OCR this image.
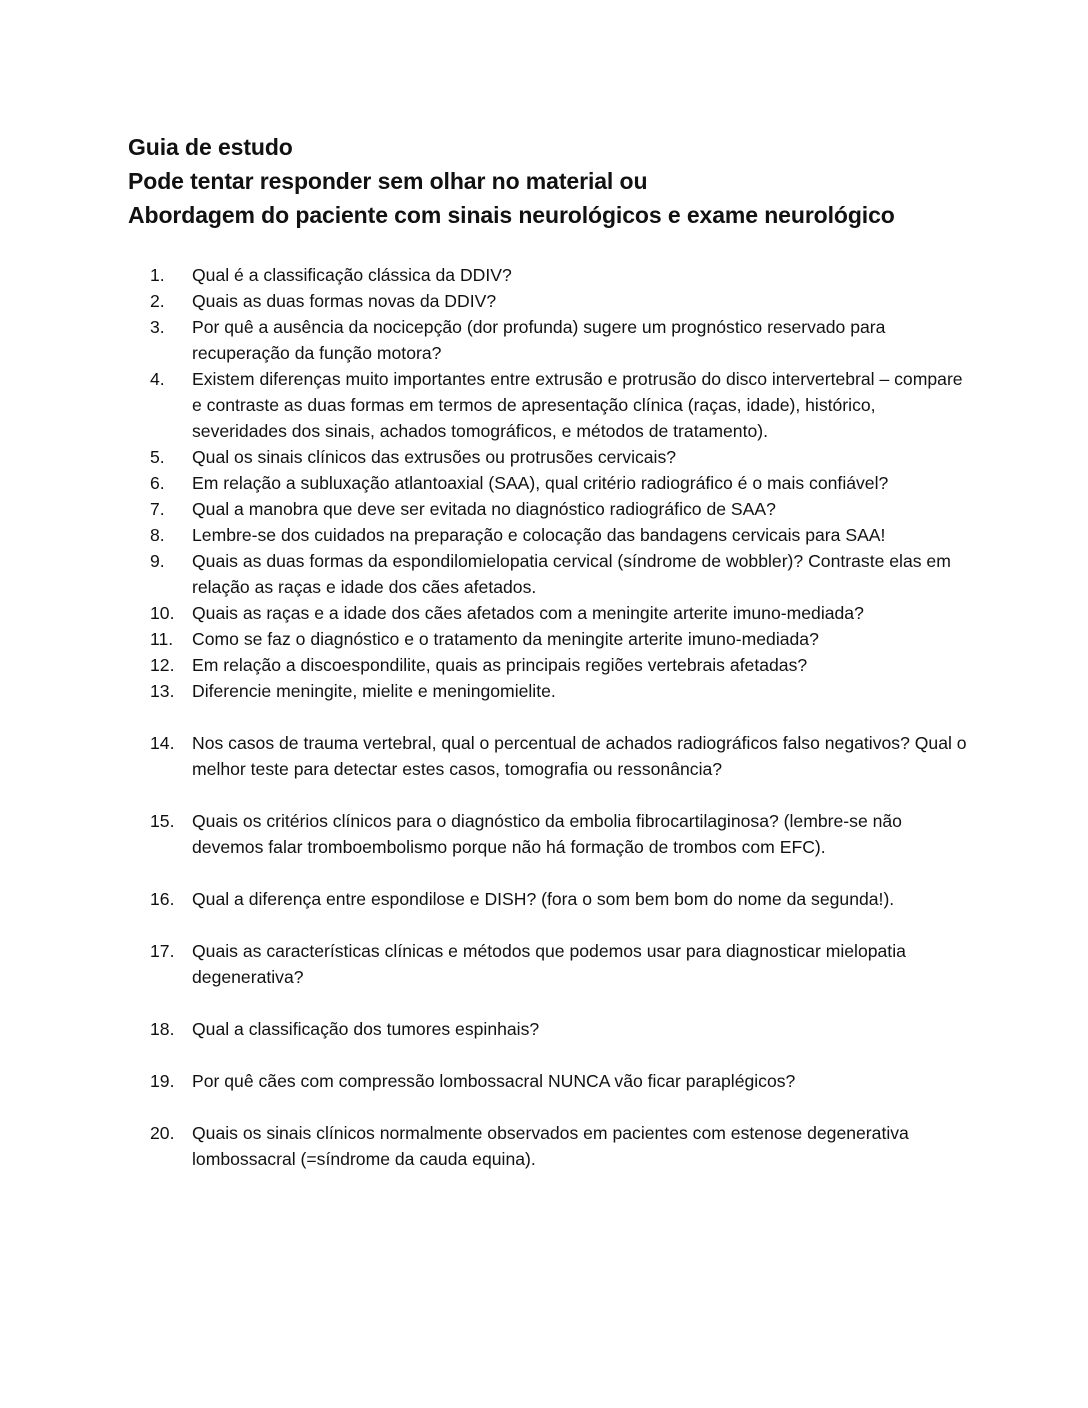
Guia de estudo
Pode tentar responder sem olhar no material ou
Abordagem do paciente com sinais neurológicos e exame neurológico
1.	Qual é a classificação clássica da DDIV?
2.	Quais as duas formas novas da DDIV?
3.	Por quê a ausência da nocicepção (dor profunda) sugere um prognóstico reservado para recuperação da função motora?
4.	Existem diferenças muito importantes entre extrusão e protrusão do disco intervertebral – compare e contraste as duas formas em termos de apresentação clínica (raças, idade), histórico, severidades dos sinais, achados tomográficos, e métodos de tratamento).
5.	Qual os sinais clínicos das extrusões ou protrusões cervicais?
6.	Em relação a subluxação atlantoaxial (SAA), qual critério radiográfico é o mais confiável?
7.	Qual a manobra que deve ser evitada no diagnóstico radiográfico de SAA?
8.	Lembre-se dos cuidados na preparação e colocação das bandagens cervicais para SAA!
9.	Quais as duas formas da espondilomielopatia cervical (síndrome de wobbler)? Contraste elas em relação as raças e idade dos cães afetados.
10. Quais as raças e a idade dos cães afetados com a meningite arterite imuno-mediada?
11.	Como se faz o diagnóstico e o tratamento da meningite arterite imuno-mediada?
12. Em relação a discoespondilite, quais as principais regiões vertebrais afetadas?
13. Diferencie meningite, mielite e meningomielite.
14. Nos casos de trauma vertebral, qual o percentual de achados radiográficos falso negativos? Qual o melhor teste para detectar estes casos, tomografia ou ressonância?
15. Quais os critérios clínicos para o diagnóstico da embolia fibrocartilaginosa? (lembre-se não devemos falar tromboembolismo porque não há formação de trombos com EFC).
16. Qual a diferença entre espondilose e DISH? (fora o som bem bom do nome da segunda!).
17. Quais as características clínicas e métodos que podemos usar para diagnosticar mielopatia degenerativa?
18. Qual a classificação dos tumores espinhais?
19. Por quê cães com compressão lombossacral NUNCA vão ficar paraplégicos?
20. Quais os sinais clínicos normalmente observados em pacientes com estenose degenerativa lombossacral (=síndrome da cauda equina).
